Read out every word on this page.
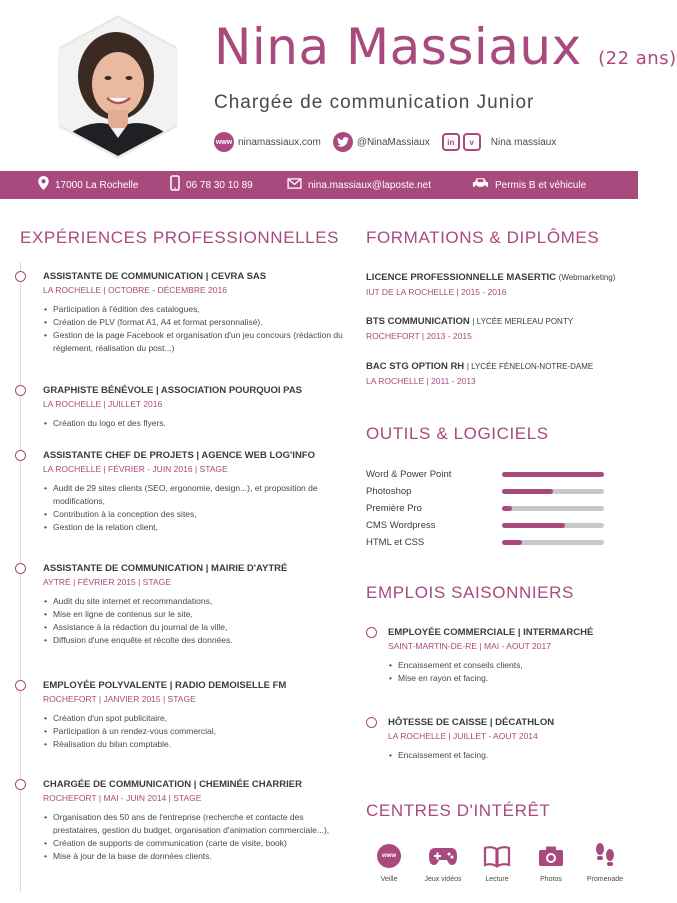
Nina Massiaux (22 ans)
Chargée de communication Junior
www ninamassiaux.com	@NinaMassiaux	in	v	Nina massiaux
17000 La Rochelle	06 78 30 10 89	nina.massiaux@laposte.net	Permis B et véhicule
EXPÉRIENCES PROFESSIONNELLES
ASSISTANTE DE COMMUNICATION | CEVRA SAS
LA ROCHELLE | OCTOBRE - DÉCEMBRE 2016
• Participation à l'édition des catalogues,
• Création de PLV (format A1, A4 et format personnalisé).
• Gestion de la page Facebook et organisation d'un jeu concours (rédaction du réglement, réalisation du post...)
GRAPHISTE BÉNÉVOLE | ASSOCIATION POURQUOI PAS
LA ROCHELLE | JUILLET 2016
• Création du logo et des flyers.
ASSISTANTE CHEF DE PROJETS | AGENCE WEB LOG'INFO
LA ROCHELLE | FÉVRIER - JUIN 2016 | STAGE
• Audit de 29 sites clients (SEO, ergonomie, design...), et proposition de modifications,
• Contribution à la conception des sites,
• Gestion de la relation client,
ASSISTANTE DE COMMUNICATION | MAIRIE D'AYTRÉ
AYTRÉ | FÉVRIER 2015 | STAGE
• Audit du site internet et recommandations,
• Mise en ligne de contenus sur le site,
• Assistance à la rédaction du journal de la ville,
• Diffusion d'une enquête et récolte des données.
EMPLOYÉE POLYVALENTE | RADIO DEMOISELLE FM
ROCHEFORT | JANVIER 2015 | STAGE
• Création d'un spot publicitaire,
• Participation à un rendez-vous commercial,
• Réalisation du bilan comptable.
CHARGÉE DE COMMUNICATION | CHEMINÉE CHARRIER
ROCHEFORT | MAI - JUIN 2014 | STAGE
• Organisation des 50 ans de l'entreprise (recherche et contacte des prestataires, gestion du budget, organisation d'animation commerciale...),
• Création de supports de communication (carte de visite, book)
• Mise à jour de la base de données clients.
FORMATIONS & DIPLÔMES
LICENCE PROFESSIONNELLE MASERTIC (Webmarketing)
IUT DE LA ROCHELLE | 2015 - 2016
BTS COMMUNICATION | LYCÉE MERLEAU PONTY
ROCHEFORT | 2013 - 2015
BAC STG OPTION RH | LYCÉE FÉNELON-NOTRE-DAME
LA ROCHELLE | 2011 - 2013
OUTILS & LOGICIELS
Word & Power Point
Photoshop
Première Pro
CMS Wordpress
HTML et CSS
EMPLOIS SAISONNIERS
EMPLOYÉE COMMERCIALE | INTERMARCHÉ
SAINT-MARTIN-DE-RE | MAI - AOUT 2017
• Encaissement et conseils clients,
• Mise en rayon et facing.
HÔTESSE DE CAISSE | DÉCATHLON
LA ROCHELLE | JUILLET - AOUT 2014
• Encaissement et facing.
CENTRES D'INTÉRÊT
www
Veille	Jeux vidéos	Lecture	Photos	Promenade
